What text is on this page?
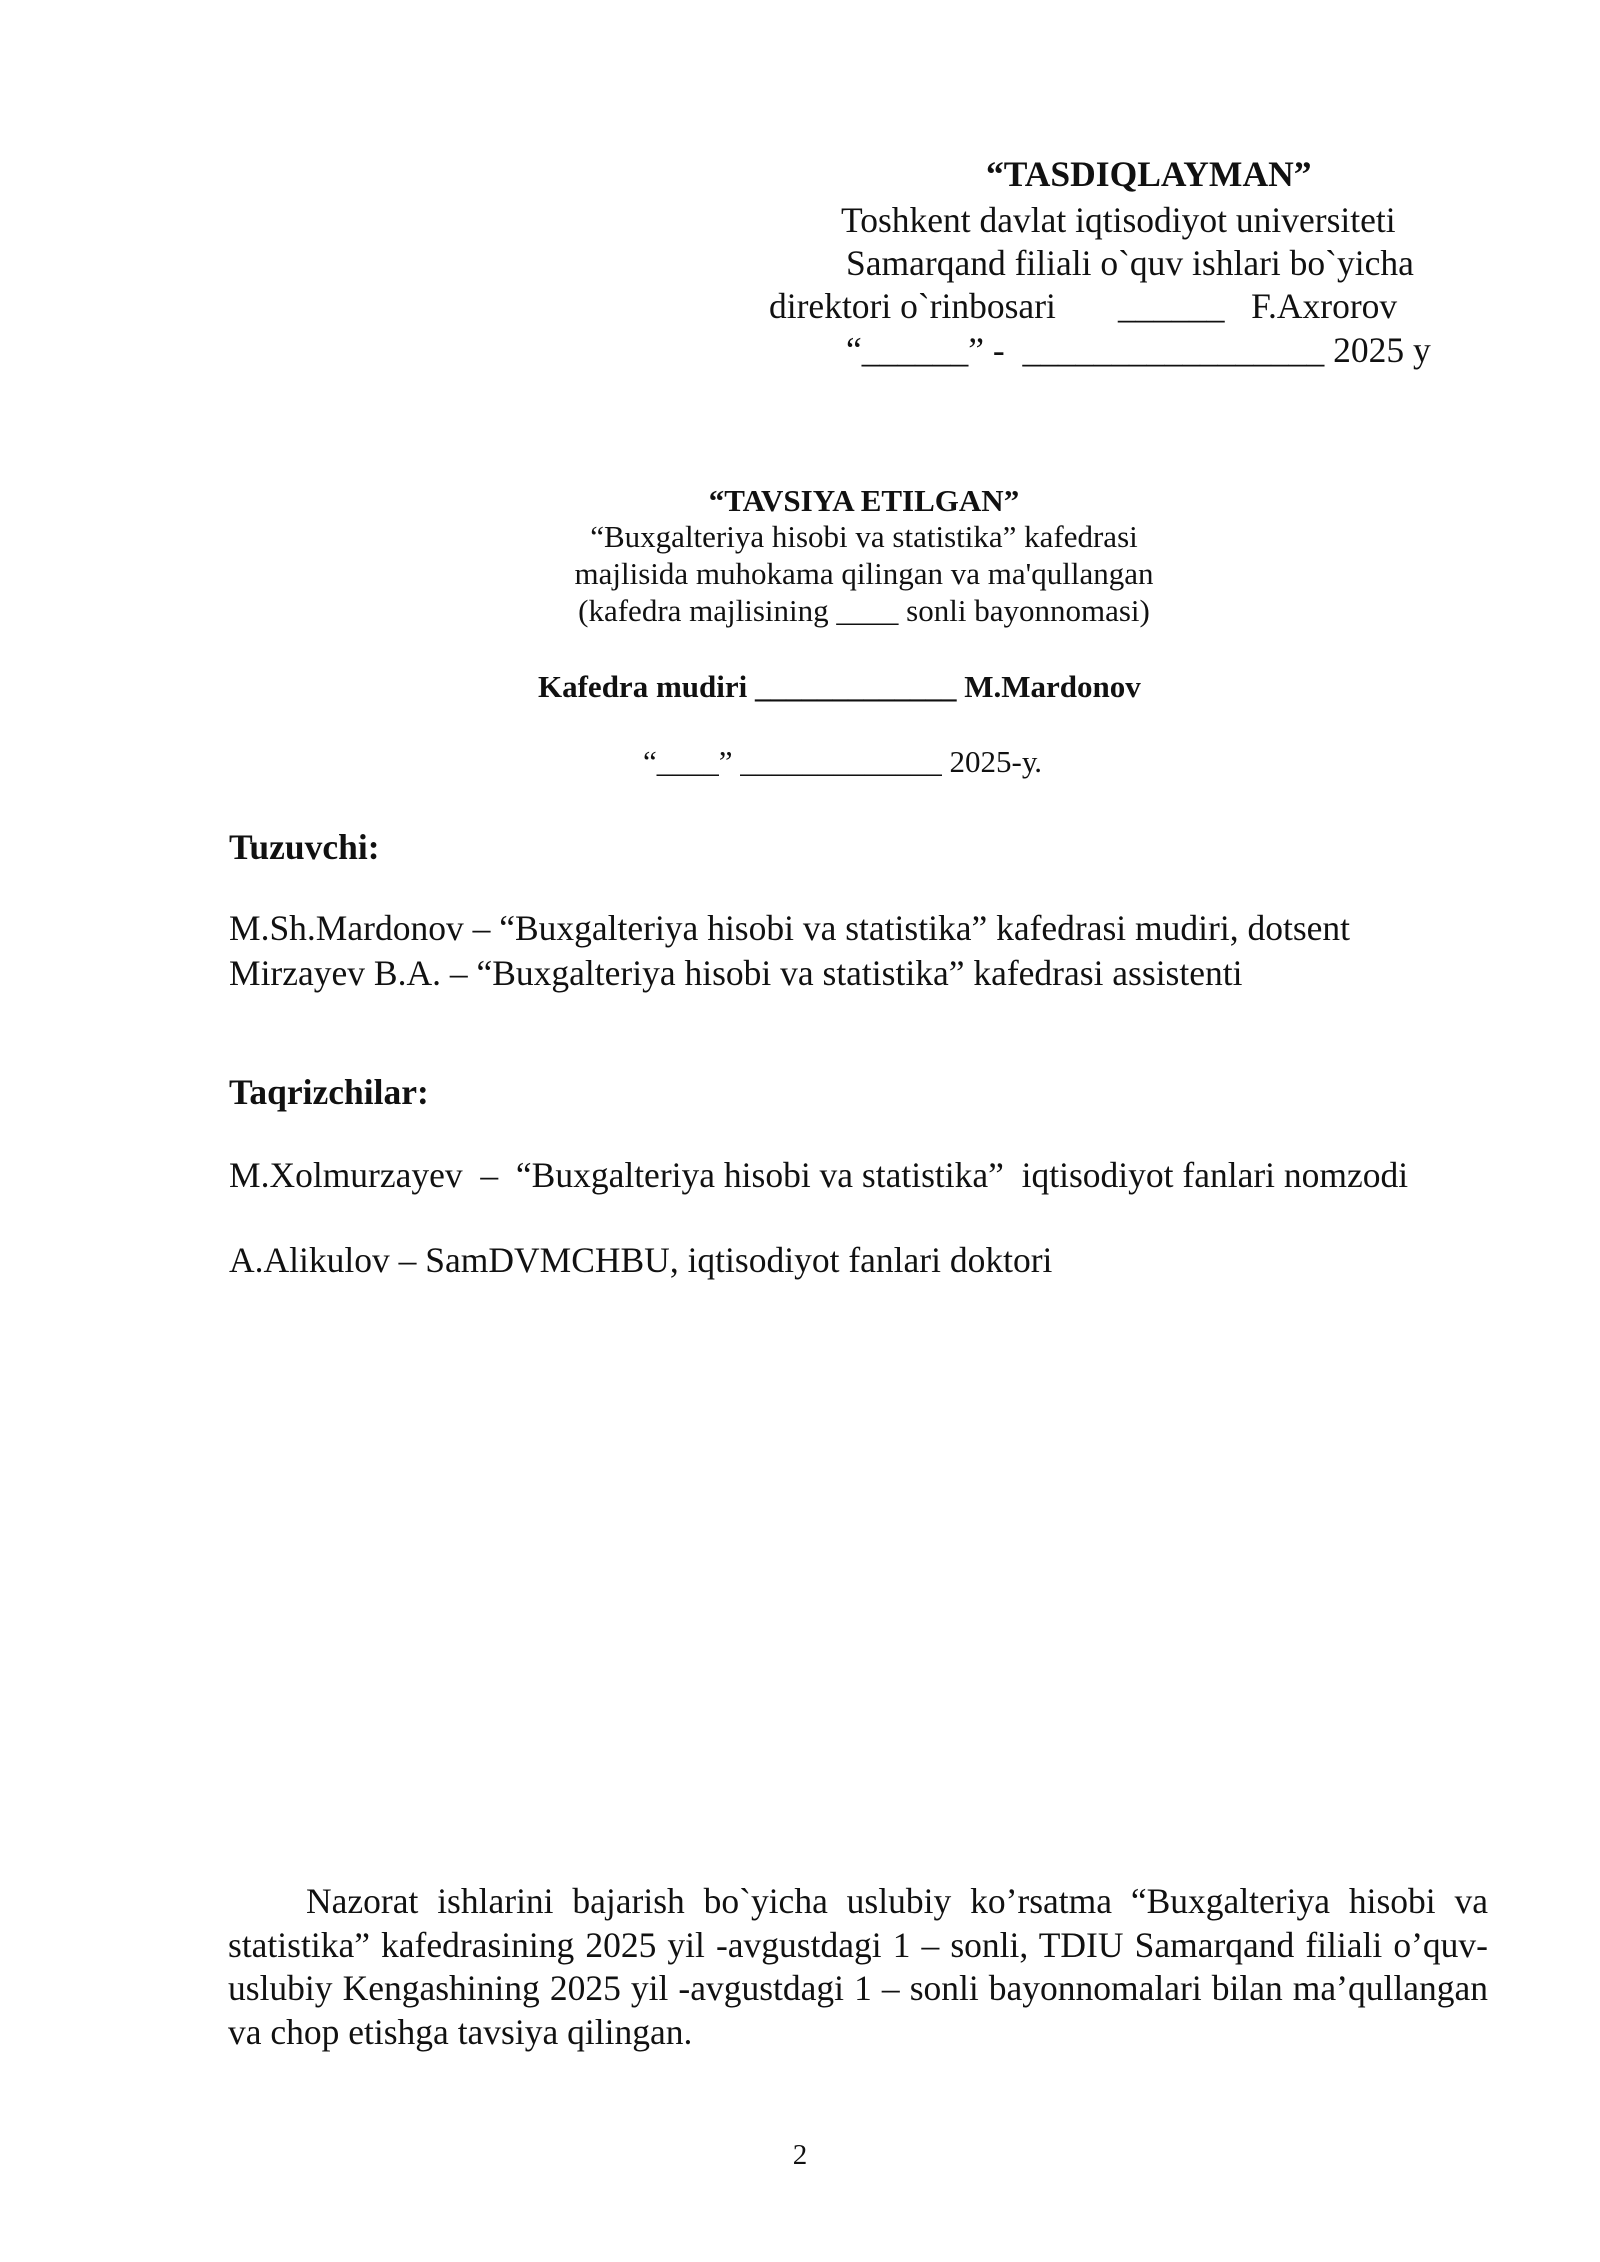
“TASDIQLAYMAN”
Toshkent davlat iqtisodiyot universiteti
Samarqand filiali o`quv ishlari bo`yicha
direktori o`rinbosari       ______   F.Axrorov
“______” -  _________________ 2025 y
“TAVSIYA ETILGAN”
“Buxgalteriya hisobi va statistika” kafedrasi
majlisida muhokama qilingan va ma'qullangan
(kafedra majlisining ____ sonli bayonnomasi)
Kafedra mudiri _____________ M.Mardonov
“____” _____________ 2025-у.
Tuzuvchi:
M.Sh.Mardonov – “Buxgalteriya hisobi va statistika” kafedrasi mudiri, dotsent
Mirzayev B.A. – “Buxgalteriya hisobi va statistika” kafedrasi assistenti
Taqrizchilar:
M.Xolmurzayev  –  “Buxgalteriya hisobi va statistika”  iqtisodiyot fanlari nomzodi
A.Alikulov – SamDVMCHBU, iqtisodiyot fanlari doktori
Nazorat ishlarini bajarish bo`yicha uslubiy ko’rsatma “Buxgalteriya hisobi va statistika” kafedrasining 2025 yil -avgustdagi 1 – sonli, TDIU Samarqand filiali o’quv-uslubiy Kengashining 2025 yil -avgustdagi 1 – sonli bayonnomalari bilan ma’qullangan va chop etishga tavsiya qilingan.
2
